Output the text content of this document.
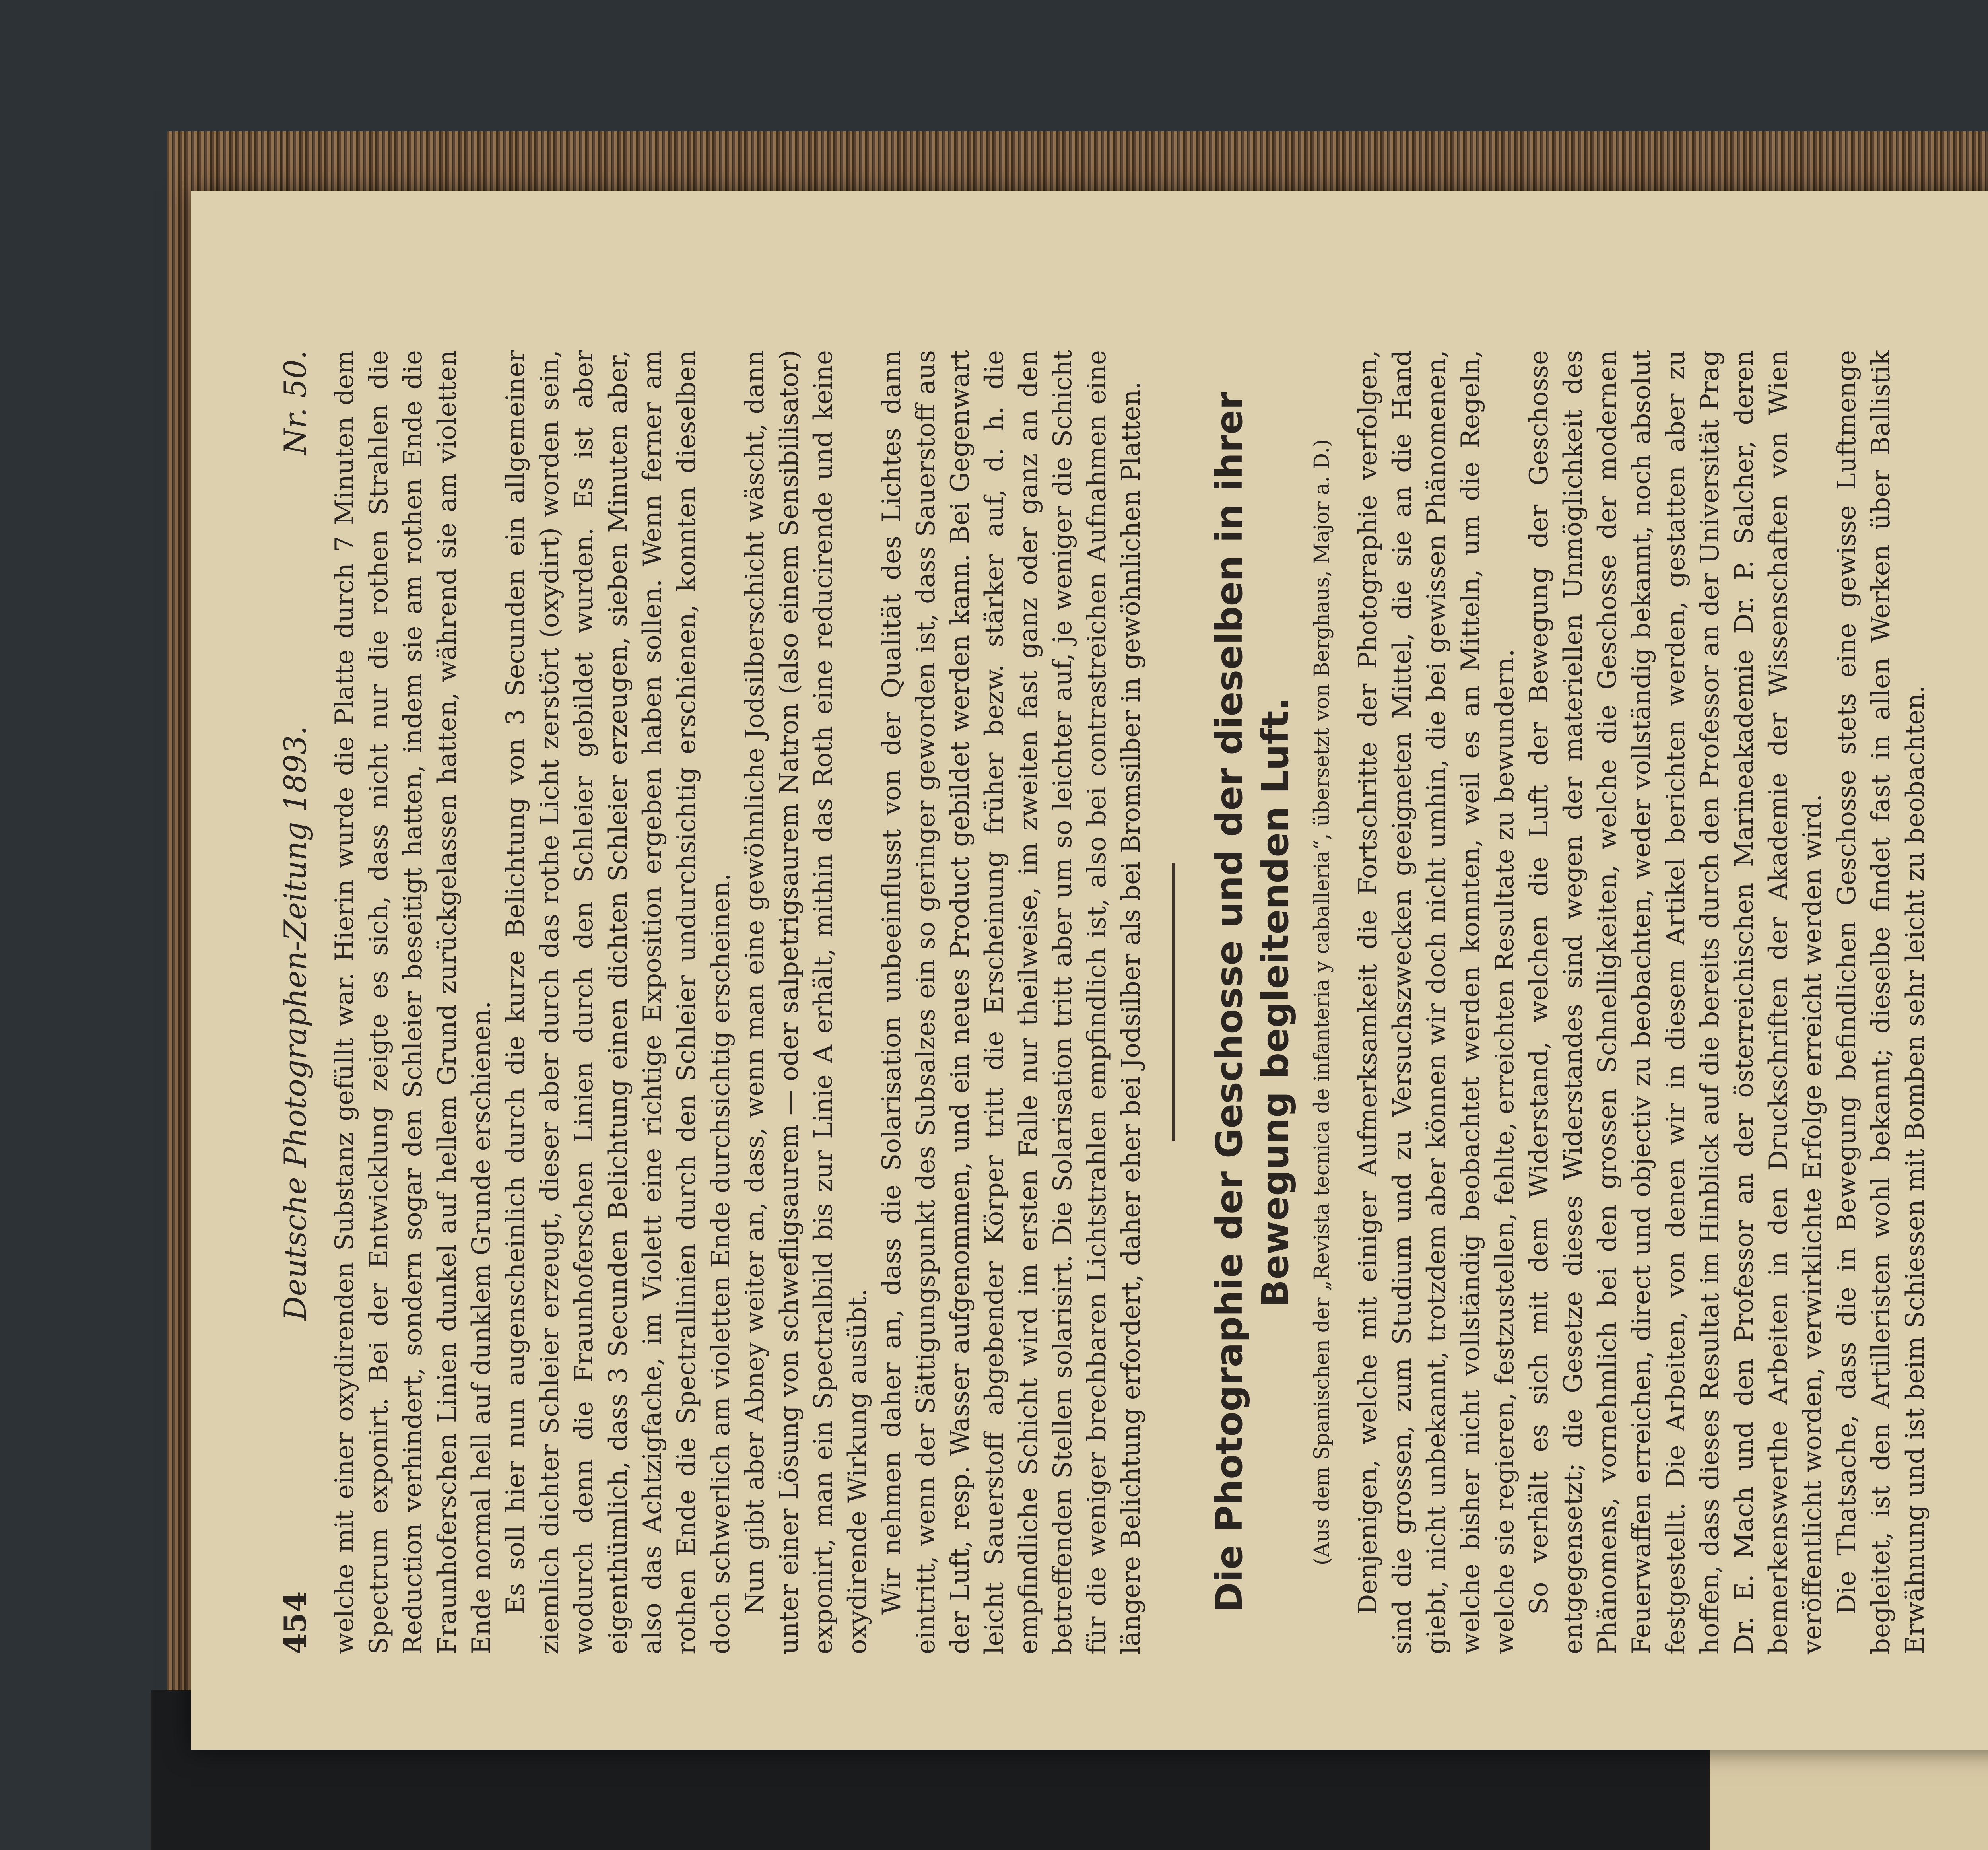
454
Deutsche Photographen-Zeitung 1893.
Nr. 50. welche mit einer oxydirenden Substanz gefüllt war. Hierin wurde die Platte durch 7 Minuten dem Spectrum exponirt. Bei der Entwicklung zeigte es sich, dass nicht nur die rothen Strahlen die Reduction verhindert, sondern sogar den Schleier beseitigt hatten, indem sie am rothen Ende die Fraunhoferschen Linien dunkel auf hellem Grund zurückgelassen hatten, während sie am violetten Ende normal hell auf dunklem Grunde erschienen. Es soll hier nun augenscheinlich durch die kurze Belichtung von 3 Secunden ein allgemeiner ziemlich dichter Schleier erzeugt, dieser aber durch das rothe Licht zerstört (oxydirt) worden sein, wodurch denn die Fraunhoferschen Linien durch den Schleier gebildet wurden. Es ist aber eigenthümlich, dass 3 Secunden Belichtung einen dichten Schleier erzeugen, sieben Minuten aber, also das Achtzigfache, im Violett eine richtige Exposition ergeben haben sollen. Wenn ferner am rothen Ende die Spectrallinien durch den Schleier undurchsichtig erschienen, konnten dieselben doch schwerlich am violetten Ende durchsichtig erscheinen. Nun gibt aber Abney weiter an, dass, wenn man eine gewöhnliche Jodsilberschicht wäscht, dann unter einer Lösung von schwefligsaurem — oder salpetrigsaurem Natron (also einem Sensibilisator) exponirt, man ein Spectralbild bis zur Linie A erhält, mithin das Roth eine reducirende und keine oxydirende Wirkung ausübt. Wir nehmen daher an, dass die Solarisation unbeeinflusst von der Qualität des Lichtes dann eintritt, wenn der Sättigungspunkt des Subsalzes ein so geringer geworden ist, dass Sauerstoff aus der Luft, resp. Wasser aufgenommen, und ein neues Product gebildet werden kann. Bei Gegenwart leicht Sauerstoff abgebender Körper tritt die Erscheinung früher bezw. stärker auf, d. h. die empfindliche Schicht wird im ersten Falle nur theilweise, im zweiten fast ganz oder ganz an den betreffenden Stellen solarisirt. Die Solarisation tritt aber um so leichter auf, je weniger die Schicht für die weniger brechbaren Lichtstrahlen empfindlich ist, also bei contrastreichen Aufnahmen eine längere Belichtung erfordert, daher eher bei Jodsilber als bei Bromsilber in gewöhnlichen Platten. Die Photographie der Geschosse und der dieselben in ihrer Bewegung begleitenden Luft. (Aus dem Spanischen der „Revista tecnica de infanteria y caballeria“, übersetzt von Berghaus, Major a. D.) Denjenigen, welche mit einiger Aufmerksamkeit die Fortschritte der Photographie verfolgen, sind die grossen, zum Studium und zu Versuchszwecken geeigneten Mittel, die sie an die Hand giebt, nicht unbekannt, trotzdem aber können wir doch nicht umhin, die bei gewissen Phänomenen, welche bisher nicht vollständig beobachtet werden konnten, weil es an Mitteln, um die Regeln, welche sie regieren, festzustellen, fehlte, erreichten Resultate zu bewundern. So verhält es sich mit dem Widerstand, welchen die Luft der Bewegung der Geschosse entgegensetzt; die Gesetze dieses Widerstandes sind wegen der materiellen Unmöglichkeit des Phänomens, vornehmlich bei den grossen Schnelligkeiten, welche die Geschosse der modernen Feuerwaffen erreichen, direct und objectiv zu beobachten, weder vollständig bekannt, noch absolut festgestellt. Die Arbeiten, von denen wir in diesem Artikel berichten werden, gestatten aber zu hoffen, dass dieses Resultat im Hinblick auf die bereits durch den Professor an der Universität Prag Dr. E. Mach und den Professor an der österreichischen Marineakademie Dr. P. Salcher, deren bemerkenswerthe Arbeiten in den Druckschriften der Akademie der Wissenschaften von Wien veröffentlicht worden, verwirklichte Erfolge erreicht werden wird. Die Thatsache, dass die in Bewegung befindlichen Geschosse stets eine gewisse Luftmenge begleitet, ist den Artilleristen wohl bekannt; dieselbe findet fast in allen Werken über Ballistik Erwähnung und ist beim Schiessen mit Bomben sehr leicht zu beobachten.
